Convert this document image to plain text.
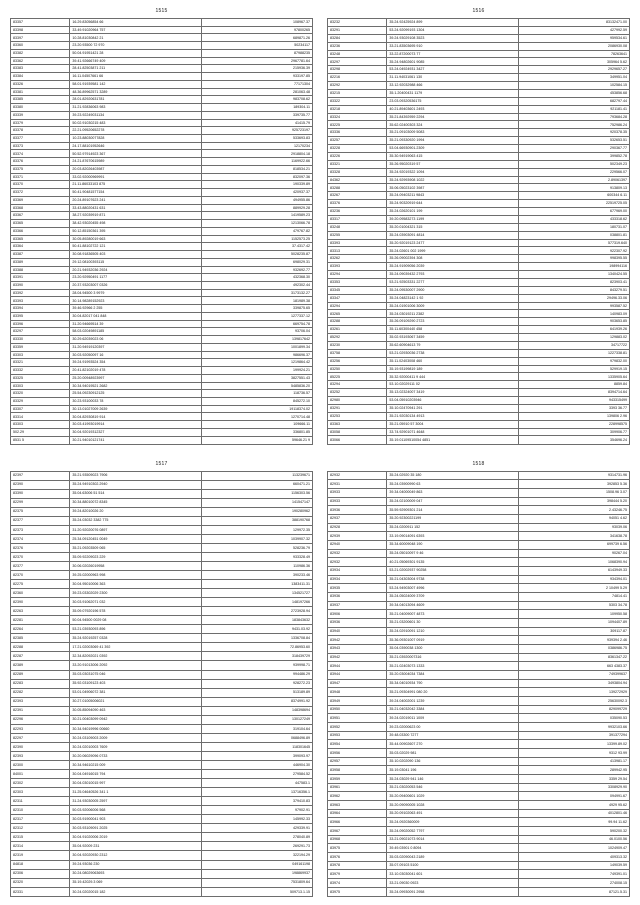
1515
83357	16.29.83056854 66	108967.37
83398	33.49.91020964 757	97800265
83397	10.28.81030842 21	689871.26
83360	23.20.93500 72 970	50234117
83382	50.04.91951421 28	87988235
83362	39.41.92666749 409	2967781.64
83383	28.41.82503871 211	215936.39
83384	16.11.04507661 66	933197.85
83326	58.01.91939581 142	77171304
83381	48.36.89962571 3289	281063.48
83385	28.01.82920631781	983708.62
83380	31.21.92836063 983	189304.11
83339	39.23.92249031134	339735.77
83379	50.02.91030215 483	41415.79
83378	22.21.09520652278	925723197
83377	10.23.88030077828	533693.83
83373	24.17.88101952646	12170234
83374	50.52.97914923 367	2918804.18
83376	24.21.87670615989	1169922.66
83375	20.03.82026403987	818534.21
83371	33.02.92000969991	832097.36
83370	21.11.86033103 875	190339.89
83372	50.41.90481577154	420937.37
83369	20.24.89107623 241	494955.86
83368	33.43.88020431 631	889929.28
83367	38.27.92039919 871	1419589.23
83365	38.42.93020455 498	1213066.78
83366	50.12.85150361 395	479767.82
83365	30.05.89280019 663	1152573.25
83364	50.41.88102722 121	37.4317.42
83387	30.08.91836505 403	5028235.87
83389	29.12.08100393115	698029.31
83388	20.21.94932036 2924	932692.77
83391	23.20.92950491 1177	432368.30
83390	20.37.93203007 0326	492302.44
83392	28.04.94500 3 9979	3173132.27
83393	30.14.98289152923	181989.38
83394	39.46.92966 2 255	339875.65
83395	30.04.82017 041 848	1277337.12
83396	31.20.94669514 39	669754.78
83297	58.03.02049891185	93706.04
83330	30.29.62039023 06	139817642
83359	31.20.94919120397	1001899.34
83303	30.03.92050097 16	986696.37
83321	39.24.91993524 354	1219864.42
83332	20.41.82102019 478	199924.21
83325	25.20.00948923997	3827551.43
83303	30.34.94019521 2682	5485836.20
83320	25.54.09230912125	118736.57
83329	30.23.93100033 78	845272.10
83307	30.13.01027009 2639	19118374.02
83314	30.04.82930819 914	1270714.48
83303	30.03.41993019914	109666.11
502.29	30.04.92019312327	336801.85
8531 5	30.21.94010121741	59646.21 9
1516
83232	35.24.92425924 899	83132471.00
83291	53.24.92099193 1304	427992.59
83284	39.24.93029108 3523	959534.61
83236	33.21.83503695 910	2086930.08
83248	33.22.87200073 77	78263641
83297	35.24.94802601 9085	305964 5.62
83298	53.24.04924931 3427	2929657.27
82216	31.11.94031061 130	349951.04
83292	33.12.92032988 466	102584.15
83215	35.1.20400431 1179	453856.68
83322	23.03.09320536175	682797.44
83218	40.21.89403601 2493	921181.41
83324	35.21.84392959 2294	793684.28
83225	35.62.02400303 324	752986.24
83336	35.21.09103009 5083	920378.35
83257	35.21.09330920 1994	532653.51
83228	53.04.66930901.2309	290367.77
83226	35.30.94919063 415	399852.78
83321	35.26.95020319 57	502349.23
83328	35.24.92019322 1094	229566.07
84362	35.24.92993908 1022	2.89061397
83288	35.06.05023102 3987	913809.13
83267	35.24.09403211 9843	600344 6.11
83376	35.24.90320919 644	22519725.05
83236	35.24.02620101 199	677969.00
83317	39.20.09583273 1199	433318.62
83248	35.20.01004321 315	180731.07
83255	35.24.03903091 4814	038801.81
83393	35.20.92019123 2477	577319.640
83313	35.24.02601 002 1999	922307.92
83262	35.26.09002394 308	998395.55
83393	35.24.91909056 2039	198994116
83294	35.24.09039432 2793	1340424.55
83353	53.21.92503331 2277	823903.41
83345	35.24.09530007 2900	843279.51
83347	35.24.04823142 1 92	29496.33.06
83294	35.24.01901006 3009	993587.52
83265	35.24.03019211 2382	140983.09
83288	35.26.09109290 2723	903653.85
83261	35.11.60300440 458	641939.26
85292	35.02.93193067 3459	129883.02
83230	35.62.60904613 79	34717722
83758	53.21.02930036 2738	1227338.81
83256	35.11.02403008 460	979832.00
83250	35.19.93199819 189	529919.15
85225	35.32.92000411 9 444	1335905.64
83294	53.10.02029111 02	8859.84
83252	35.13.02324007 3419	8394714.64
82980	53.04.05910203946	943315499
83291	35.10.02470941 291	3393 36.77
83253	35.21.92030134 4913	139806 2.96
83363	35.21.05910 57 3004	228998575
83058	33.74.92901071 4648	309906.77
83066	35.19.01109510054 4851	354696.24
1517
82397	35.21.93509023 7906	113239671
82390	35.24.94910302.2940	660471.21
83390	35.04.63006 51 514	1156303.56
82299	30.34.88010072 8345	141547147
82375	39.24.82010026 20	190280962
82377	35.24.03032 3382 775	388190768
82373	31.20.92020076 0897	129972.35
82374	25.34.09120451 0049	1039907.32
82376	35.21.09203509 065	528236.79
82370	35.09.92209023 229	933328.49
82377	30.06.02026019958	110986.36
82370	39.25.02000963 998	390233.46
82275	30.04.95010006 363	1383411.31
82360	39.23.03302029 2300	134521727
82390	30.03.91062071 032	148197266
82263	35.09.07920196 578	2723928.94
82281	50.04.94500 0029 08	183843632
82264	53.21.03930093 896	9431.03.92
82385	35.24.92019257 0328	1336708.84
82288	17.21.02003069 41 392	72.86953.60
82287	32.34.82092021 0392	318439729
82389	33.20.91013006 2092	939998.71
82289	35.03.03031075 046	994486.29
82283	35.92.03109123 403	928272.23
82282	53.01.04906072 381	513189.89
82393	30.27.01005006021	8374991.92
82391	30.05.85094090 463	148398694
82296	30.21.00403099 0942	130127249
82293	30.34.94019996 00660	319104.64
82297	30.24.03109003 2009	0688496.89
82390	30.24.02010003 7609	118301645
82393	30.20.06029096 0733	399093.97
82300	30.34.94610215 009	446904.30
84001	30.04.04916015 794	279584.52
82302	30.04.03010015 997	447583.1
82303	31.25.04640526 341 1	13716356.1
82311	31.24.93030005 2597	379410.83
82310	50.03.92006006 568	97902.91
82317	30.03.91900041 903	145992.33
82312	30.03.93109091 2025	429339.91
82315	30.04.91020006 2019	278040.89
82314	35.04.92009 231	269291.73
82319	30.04.92020930 2312	322194.29
84818	39.24.93036 230	049161198
82306	30.24.08029063693	198869937
82320	35.19.42029.3 069	7531809.64
82331	30.24.02020015 182	509713.1.15
1518
82932	35.24.02920 35 180	9314731.96
82931	35.24.03900990 63	392853 5.36
83933	39.34.04000049 863	1508.96 3.07
83933	35.24.02100009 047	398444 5.20
83936	35.59.92909301 214	2.43246.75
82937	35.20.92300221199	94051 4.62
82928	35.24.0200911 152	93039.06
82939	33.19.09014091 6393	341638.78
82940	35.34.60009048 190	699739 6.56
82932	35.24.05010097 9 46	90267.04
82932	40.21.05069301 9135	1068390.94
83934	53.21.02002937 90258	6143949.33
83934	35.21.04303004 9738	934394.01
83935	53.24.94903007 4996	2 10499 5.29
83936	35.24.05024009 3709	74814.41
83937	39.34.04013094 4609	5303 34.78
83906	35.21.04009007 4873	109950.58
83936	35.21.03200601 30	1094407.89
83940	35.24.02910091 1210	309117.87
83942	35.36.09301007 0919	939394 2.46
83943	35.04.0390038 1300	0386986.75
83942	35.21.03920007316	8361347.22
83944	35.21.02403073 1333	663 4383.37
83944	35.20.03004034 7384	749399637
83947	35.34.04010934 790	3493804.94
83948	35.21.09304991 080 20	139272929
83949	39.24.04002001 1239	25630092.3
83950	35.21.04032042 3384	829099729
83951	39.24.02019011 1009	035090.53
83952	39.23.02000623 00	9932103.66
83953	39.48.03300 7277	391377294
83954	35.44.00902607 270	13399.89.02
83956	35.03.02029 981	9312 93.99
82957	35.10.0202090 136	413981.17
83958	35.19.03041 196	289942.95
83959	35.24.03029 941 146	3359 29.54
83961	35.21.03020053 546	3308929.90
83962	35.20.09400601 1029	094991.67
83963	35.20.09090005 1028	4929 95.62
83964	35.20.09102063 491	4012801.46
83966	35.24.0920360009	99.94 11.62
83967	35.24.09020052 7797	590200.32
83968	33.21.09021073 9014	46.0100.56
83975	39.49.03901 0 8094	1024909.47
83976	35.03.02090043 2189	409313.32
83978	35.07.09103 5100	149039.59
83979	33.10.03030041 601	749391.01
83974	33.21.09030 0923	274008.15
83975	35.24.09930091 2958	87121.5.31
